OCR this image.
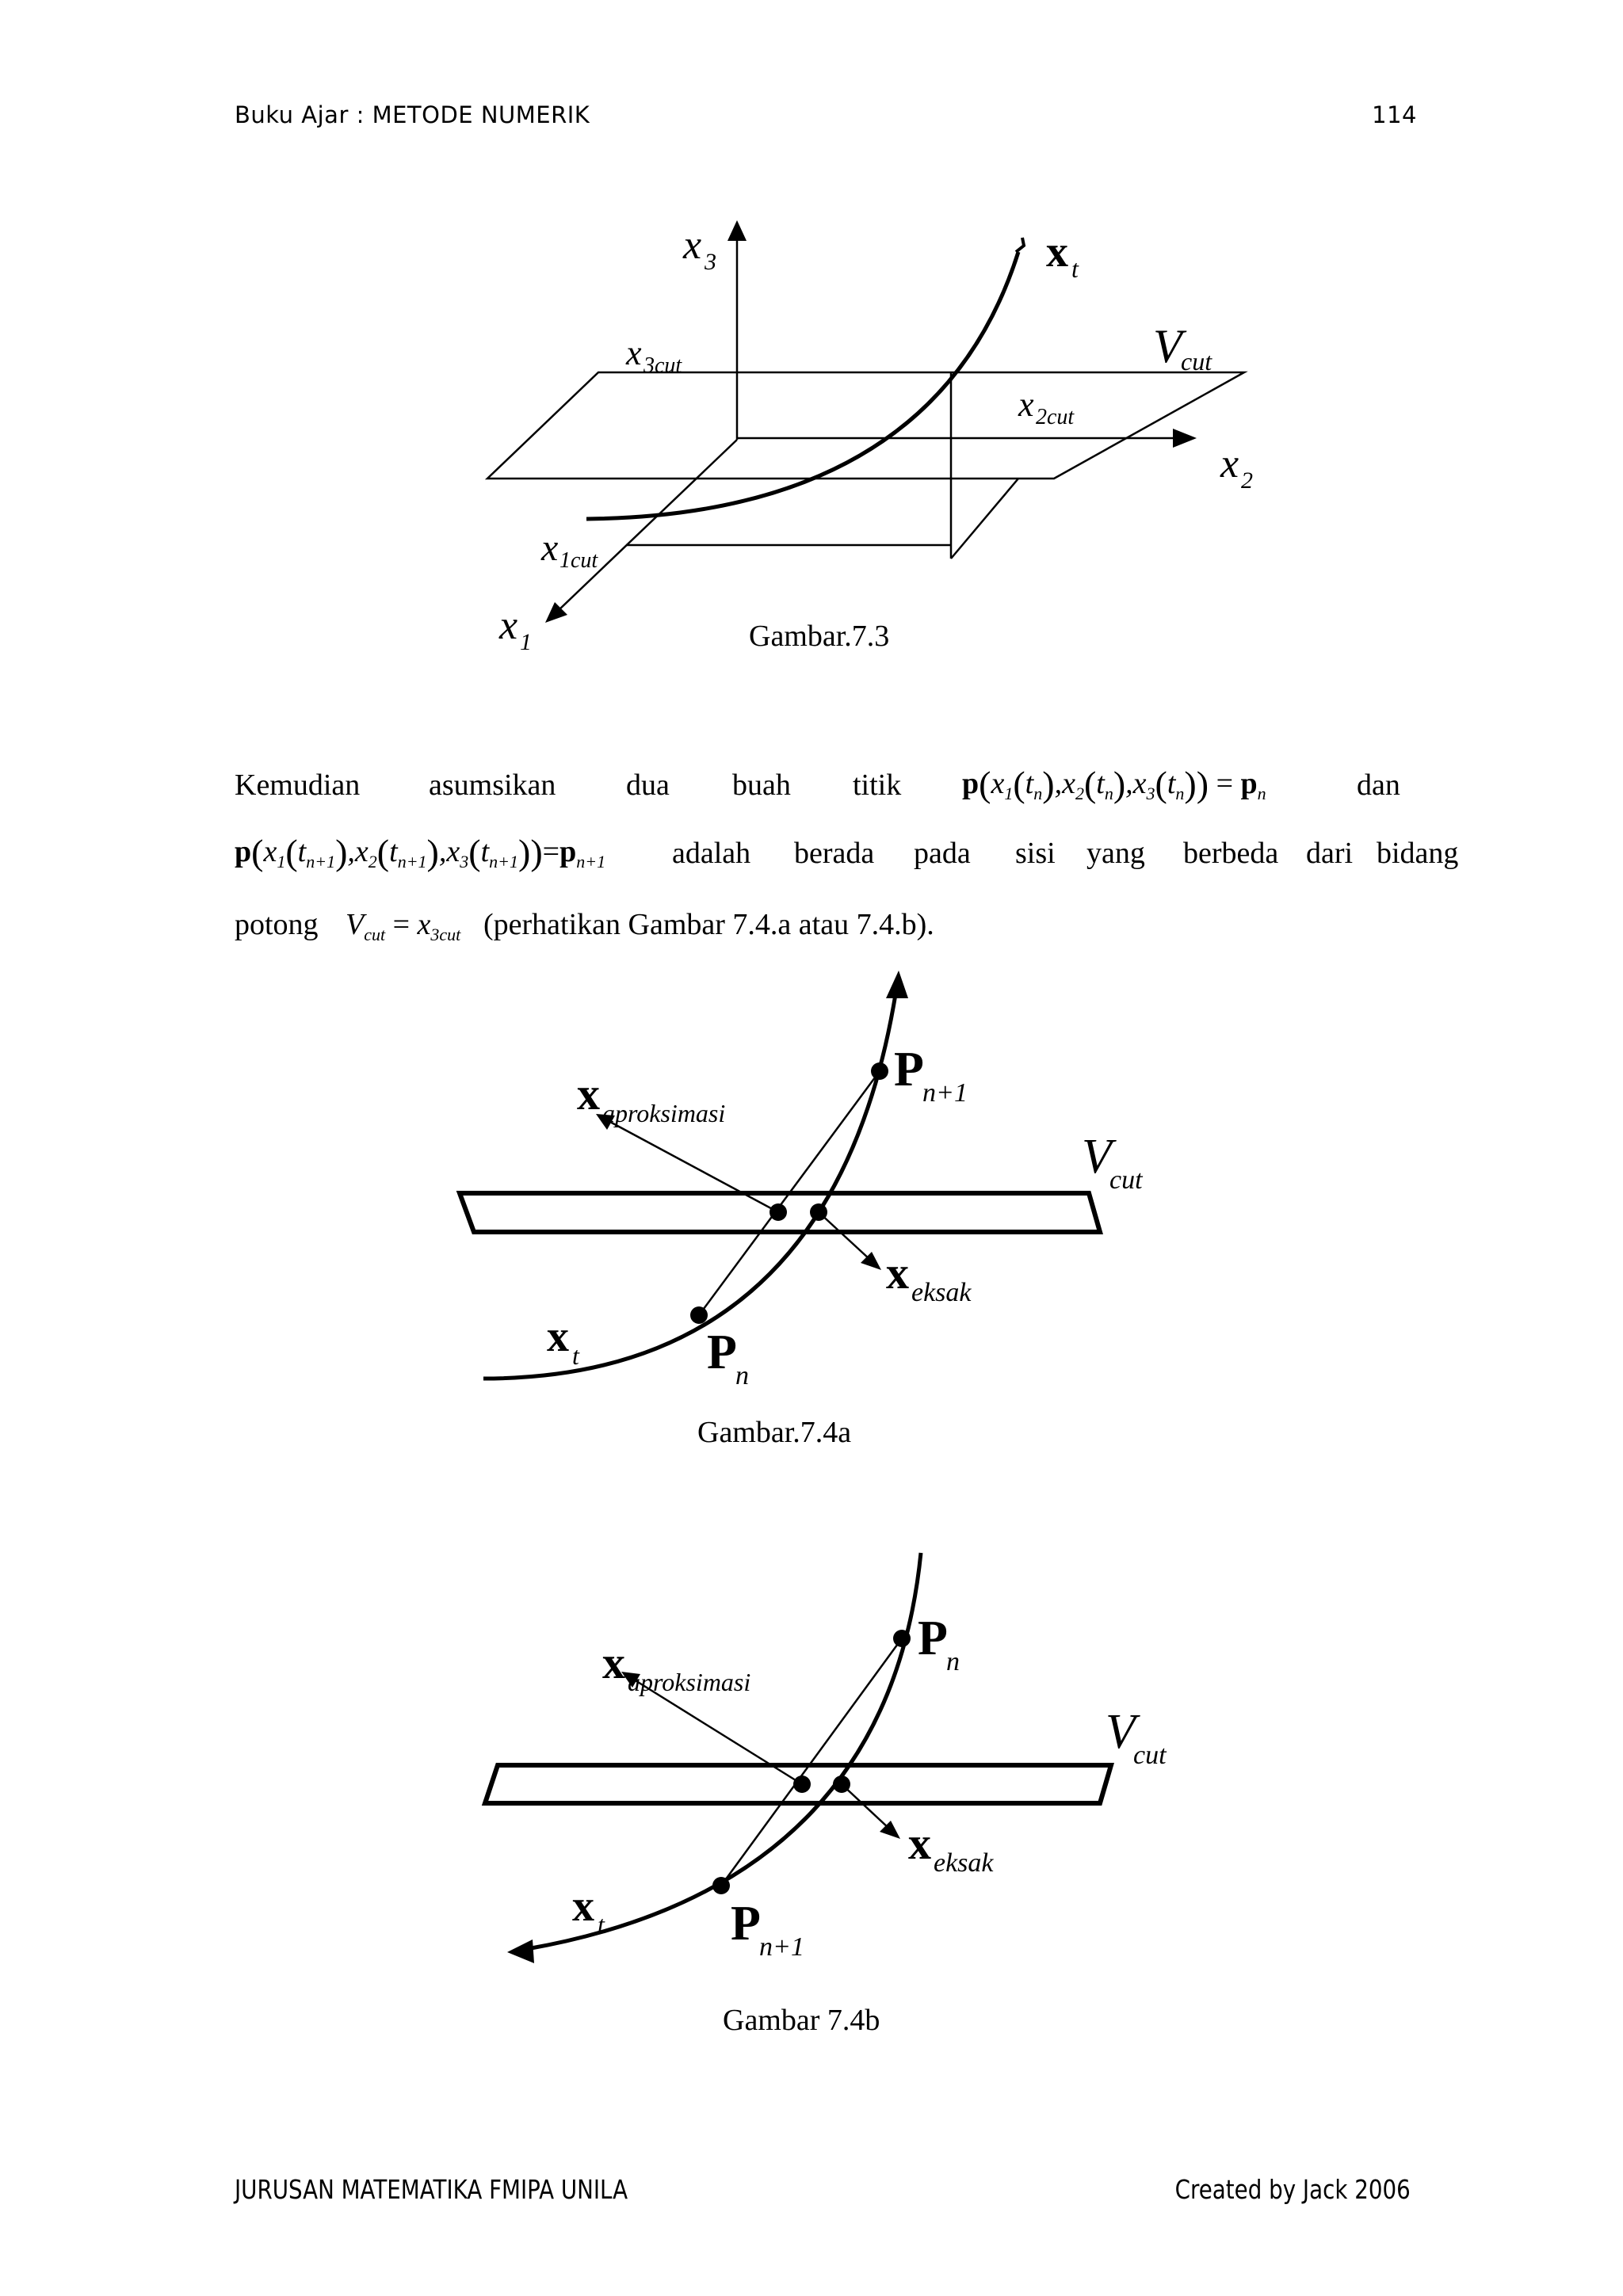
Buku Ajar : METODE NUMERIK	114
x 3	x t
x 3cut	V
cut
x 2cut
x 2
x 1cut
x 1	Gambar.7.3
Kemudian asumsikan dua buah titik $p(x_1(t_n),x_2(t_n),x_3(t_n)) = p_n$	dan
$p(x_1(t_{n+1}),x_2(t_{n+1}),x_3(t_{n+1}))=p_{n+1}$ adalah berada pada sisi yang berbeda dari bidang
potong $V_{cut} = x_{3cut}$ (perhatikan Gambar 7.4.a atau 7.4.b).
x aproksimasi
P
n+1
V
cut
x eksak
x t	P
n
Gambar.7.4a
x aproksimasi
P
n
V
cut
x eksak
x t	P
n+1
Gambar 7.4b
JURUSAN MATEMATIKA FMIPA UNILA	Created by Jack 2006
